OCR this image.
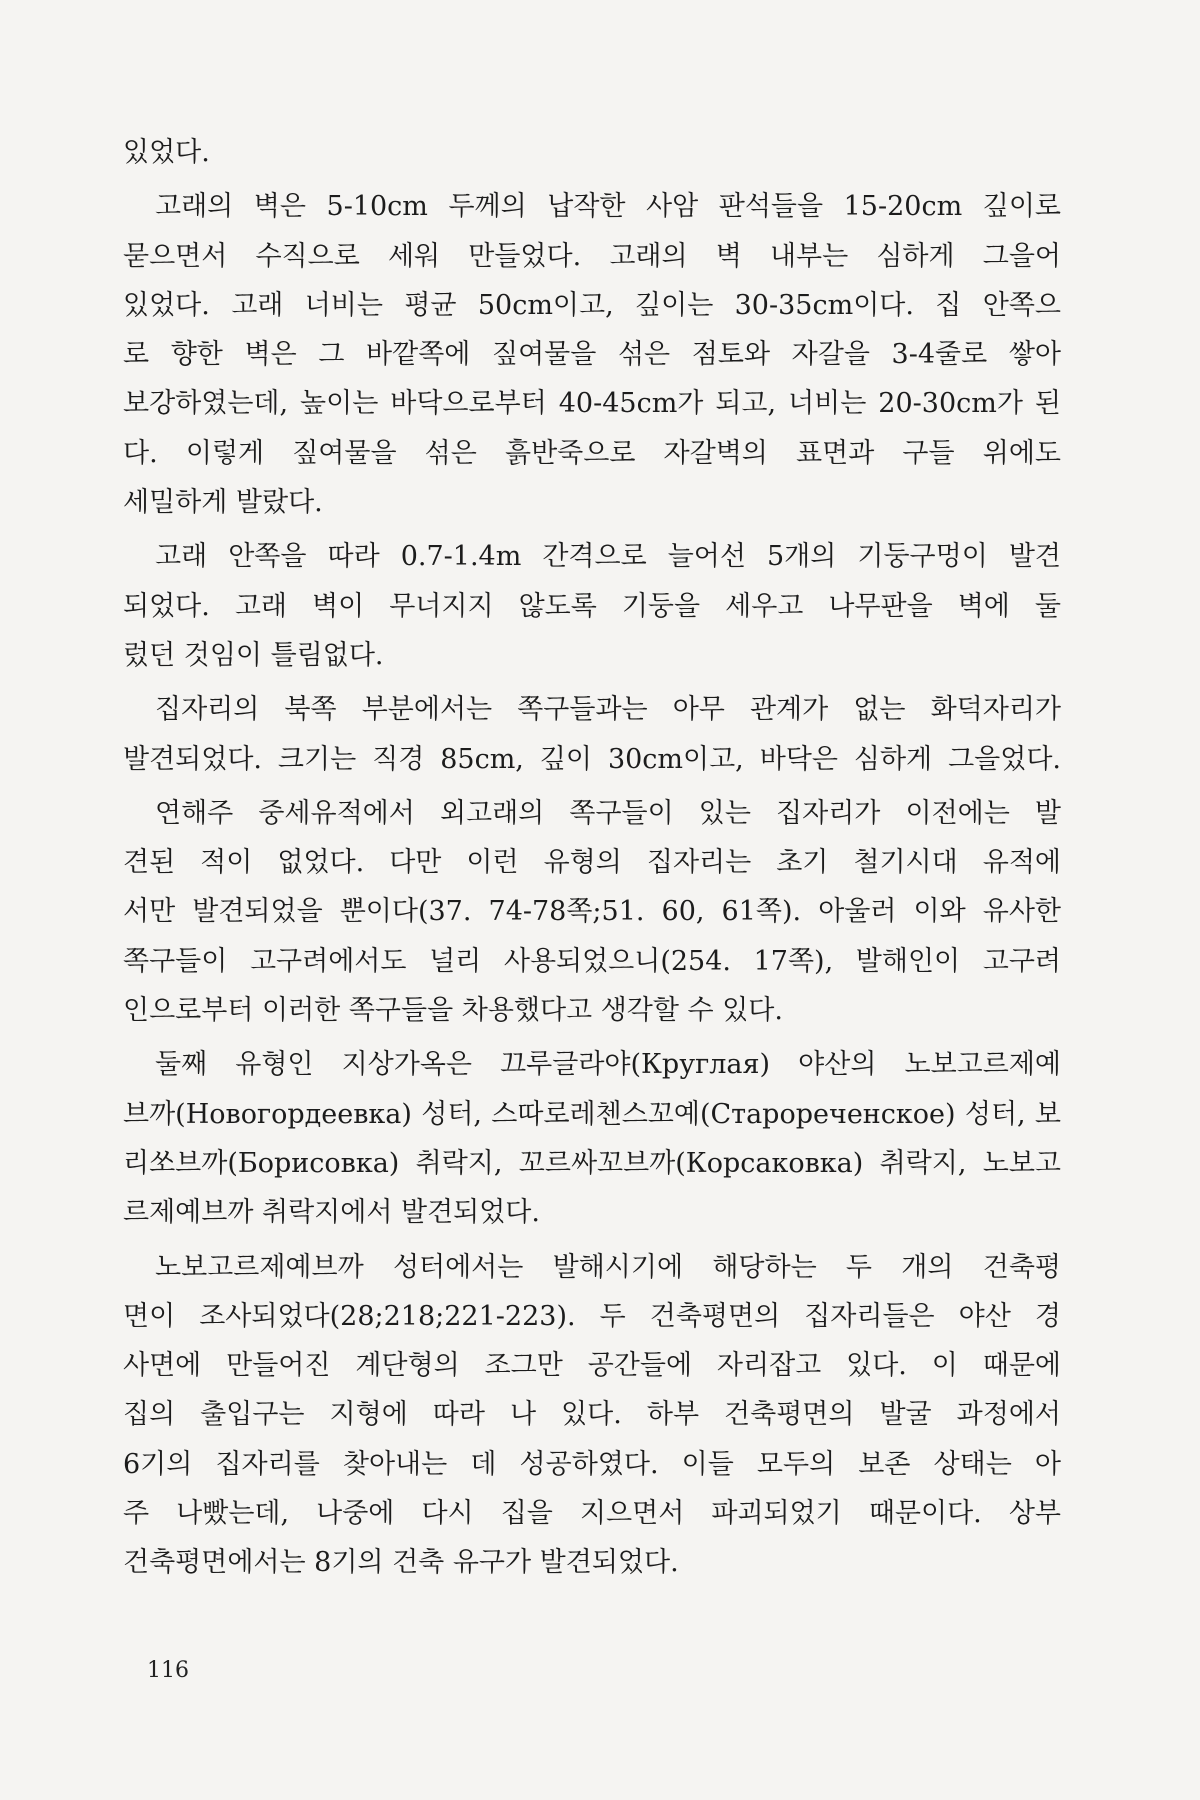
있었다.
고래의 벽은 5-10cm 두께의 납작한 사암 판석들을 15-20cm 깊이로
묻으면서 수직으로 세워 만들었다. 고래의 벽 내부는 심하게 그을어
있었다. 고래 너비는 평균 50cm이고, 깊이는 30-35cm이다. 집 안쪽으
로 향한 벽은 그 바깥쪽에 짚여물을 섞은 점토와 자갈을 3-4줄로 쌓아
보강하였는데, 높이는 바닥으로부터 40-45cm가 되고, 너비는 20-30cm가 된
다. 이렇게 짚여물을 섞은 흙반죽으로 자갈벽의 표면과 구들 위에도
세밀하게 발랐다.
고래 안쪽을 따라 0.7-1.4m 간격으로 늘어선 5개의 기둥구멍이 발견
되었다. 고래 벽이 무너지지 않도록 기둥을 세우고 나무판을 벽에 둘
렀던 것임이 틀림없다.
집자리의 북쪽 부분에서는 쪽구들과는 아무 관계가 없는 화덕자리가
발견되었다. 크기는 직경 85cm, 깊이 30cm이고, 바닥은 심하게 그을었다.
연해주 중세유적에서 외고래의 쪽구들이 있는 집자리가 이전에는 발
견된 적이 없었다. 다만 이런 유형의 집자리는 초기 철기시대 유적에
서만 발견되었을 뿐이다(37. 74-78쪽;51. 60, 61쪽). 아울러 이와 유사한
쪽구들이 고구려에서도 널리 사용되었으니(254. 17쪽), 발해인이 고구려
인으로부터 이러한 쪽구들을 차용했다고 생각할 수 있다.
둘째 유형인 지상가옥은 끄루글라야(Круглая) 야산의 노보고르제예
브까(Новогордеевка) 성터, 스따로레첸스꼬예(Старореченское) 성터, 보
리쏘브까(Борисовка) 취락지, 꼬르싸꼬브까(Корсаковка) 취락지, 노보고
르제예브까 취락지에서 발견되었다.
노보고르제예브까 성터에서는 발해시기에 해당하는 두 개의 건축평
면이 조사되었다(28;218;221-223). 두 건축평면의 집자리들은 야산 경
사면에 만들어진 계단형의 조그만 공간들에 자리잡고 있다. 이 때문에
집의 출입구는 지형에 따라 나 있다. 하부 건축평면의 발굴 과정에서
6기의 집자리를 찾아내는 데 성공하였다. 이들 모두의 보존 상태는 아
주 나빴는데, 나중에 다시 집을 지으면서 파괴되었기 때문이다. 상부
건축평면에서는 8기의 건축 유구가 발견되었다.
116
